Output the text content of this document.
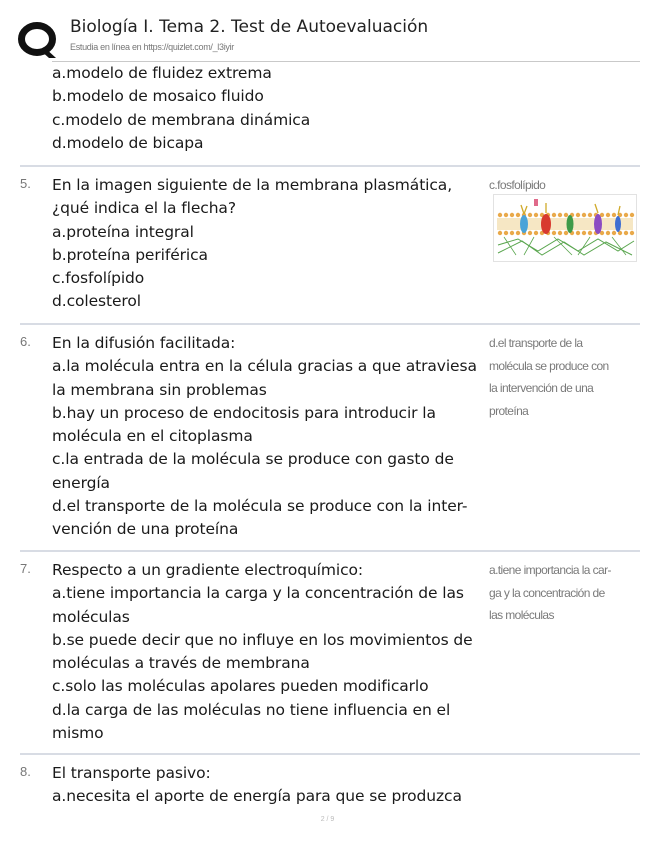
Biología I. Tema 2. Test de Autoevaluación
Estudia en línea en https://quizlet.com/_l3iyir
a.modelo de fluidez extrema
b.modelo de mosaico fluido
c.modelo de membrana dinámica
d.modelo de bicapa
5. En la imagen siguiente de la membrana plasmática,
¿qué indica el la flecha?
a.proteína integral
b.proteína periférica
c.fosfolípido
d.colesterol
c.fosfolípido
6. En la difusión facilitada:
a.la molécula entra en la célula gracias a que atraviesa
la membrana sin problemas
b.hay un proceso de endocitosis para introducir la
molécula en el citoplasma
c.la entrada de la molécula se produce con gasto de
energía
d.el transporte de la molécula se produce con la inter-
vención de una proteína
d.el transporte de la
molécula se produce con
la intervención de una
proteína
7. Respecto a un gradiente electroquímico:
a.tiene importancia la carga y la concentración de las
moléculas
b.se puede decir que no influye en los movimientos de
moléculas a través de membrana
c.solo las moléculas apolares pueden modificarlo
d.la carga de las moléculas no tiene influencia en el
mismo
a.tiene importancia la car-
ga y la concentración de
las moléculas
8. El transporte pasivo:
a.necesita el aporte de energía para que se produzca
2 / 9
